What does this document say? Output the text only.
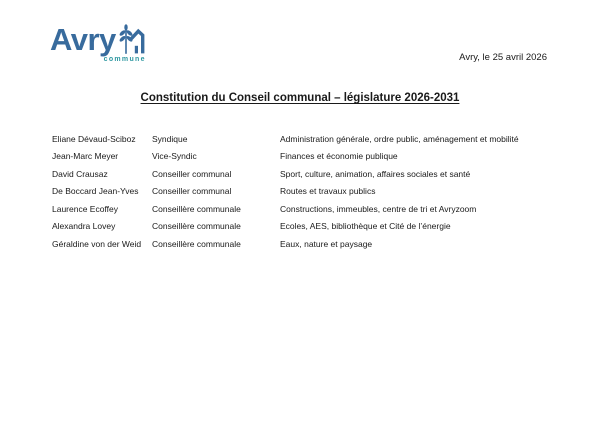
Avry
commune	Avry, le 25 avril 2026
Constitution du Conseil communal – législature 2026-2031
Eliane Dévaud-Sciboz	Syndique	Administration générale, ordre public, aménagement et mobilité
Jean-Marc Meyer	Vice-Syndic	Finances et économie publique
David Crausaz	Conseiller communal	Sport, culture, animation, affaires sociales et santé
De Boccard Jean-Yves	Conseiller communal	Routes et travaux publics
Laurence Ecoffey	Conseillère communale	Constructions, immeubles, centre de tri et Avryzoom
Alexandra Lovey	Conseillère communale	Ecoles, AES, bibliothèque et Cité de l’énergie
Géraldine von der Weid	Conseillère communale	Eaux, nature et paysage
